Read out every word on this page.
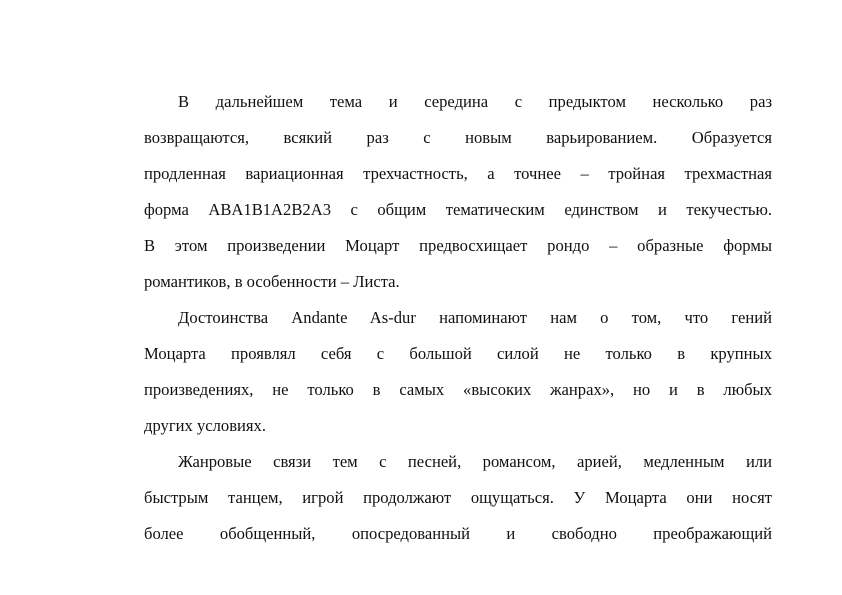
В дальнейшем тема и середина с предыктом несколько раз
возвращаются, всякий раз с новым варьированием. Образуется
продленная вариационная трехчастность, а точнее – тройная трехмастная
форма ABA1B1A2B2A3 с общим тематическим единством и текучестью.
В этом произведении Моцарт предвосхищает рондо – образные формы
романтиков, в особенности – Листа.
Достоинства Andante As-dur напоминают нам о том, что гений
Моцарта проявлял себя с большой силой не только в крупных
произведениях, не только в самых «высоких жанрах», но и в любых
других условиях.
Жанровые связи тем с песней, романсом, арией, медленным или
быстрым танцем, игрой продолжают ощущаться. У Моцарта они носят
более обобщенный, опосредованный и свободно преображающий
